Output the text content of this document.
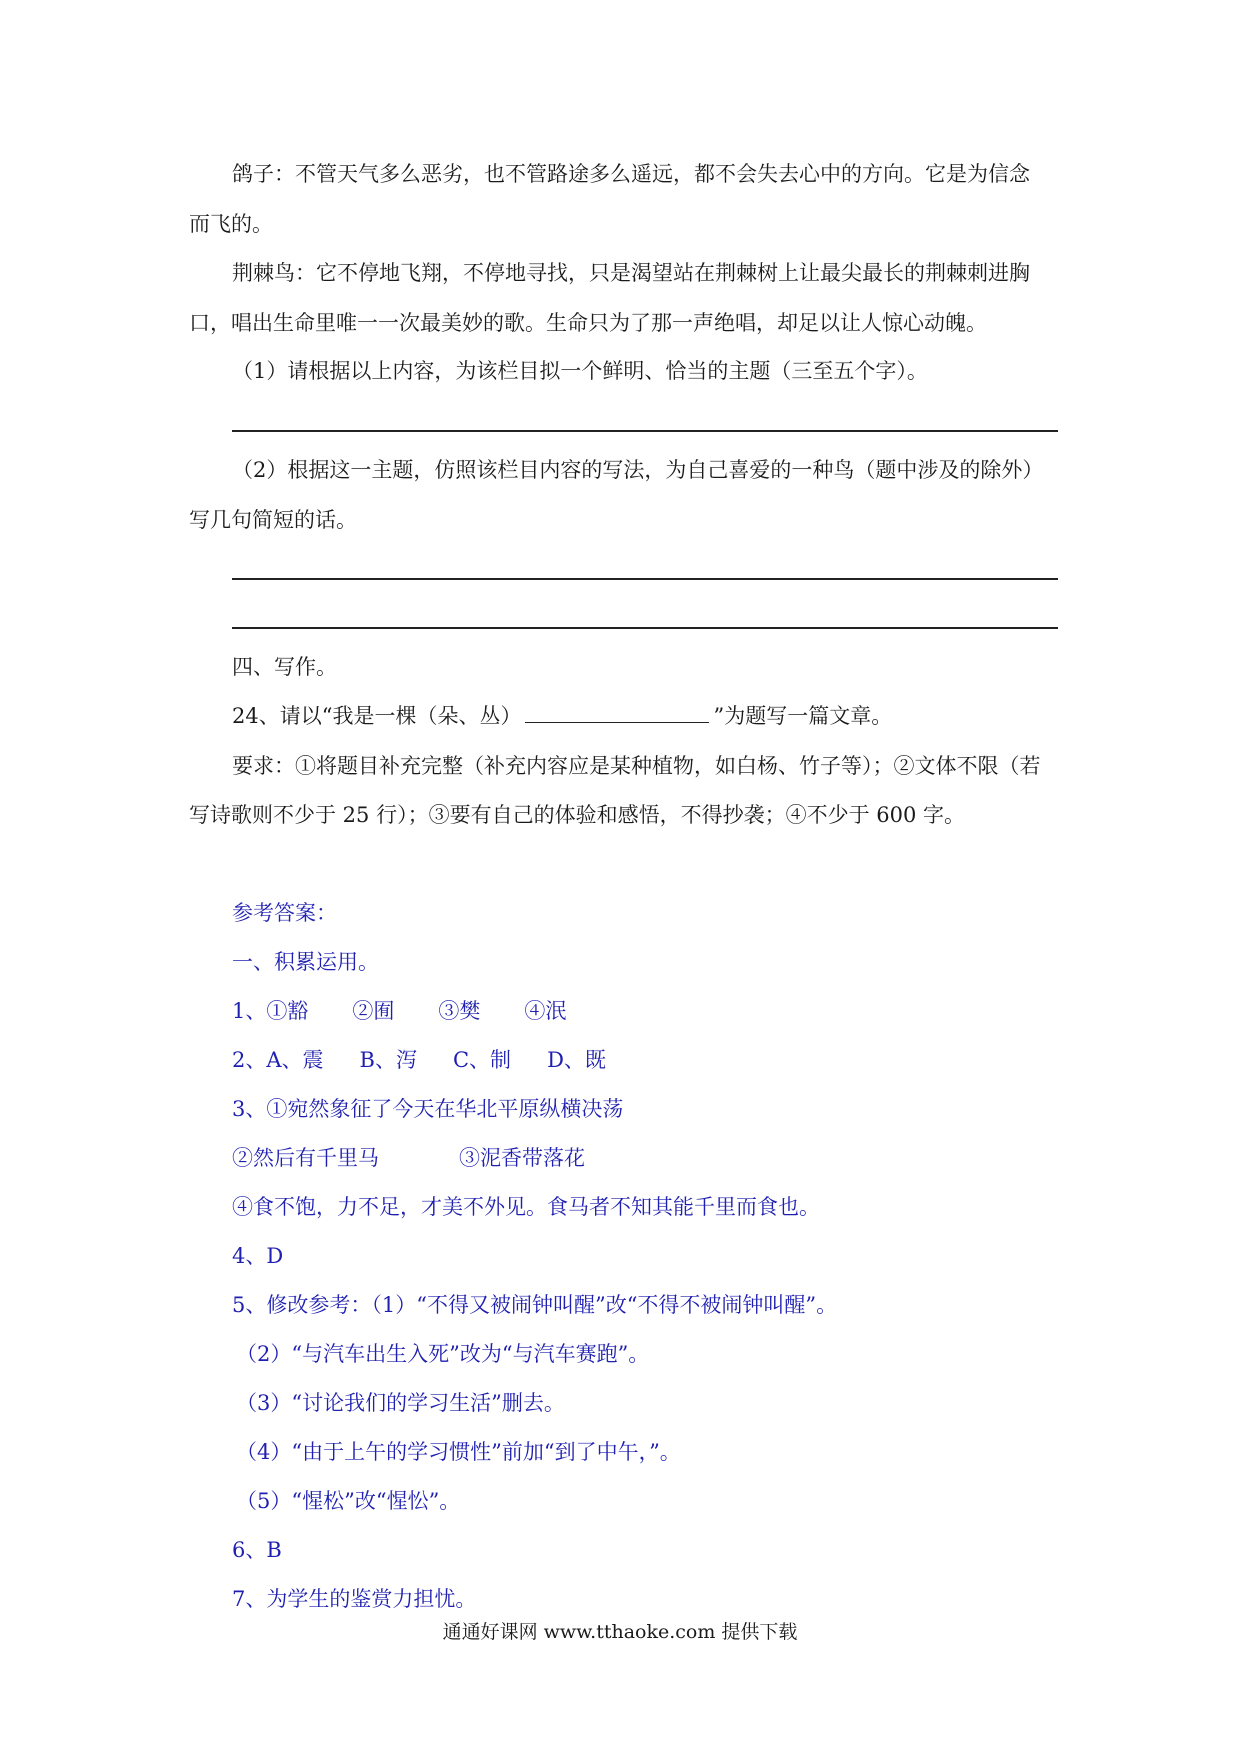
鸽子：不管天气多么恶劣，也不管路途多么遥远，都不会失去心中的方向。它是为信念
而飞的。
荆棘鸟：它不停地飞翔，不停地寻找，只是渴望站在荆棘树上让最尖最长的荆棘刺进胸
口，唱出生命里唯一一次最美妙的歌。生命只为了那一声绝唱，却足以让人惊心动魄。
（1）请根据以上内容，为该栏目拟一个鲜明、恰当的主题（三至五个字）。
（2）根据这一主题，仿照该栏目内容的写法，为自己喜爱的一种鸟（题中涉及的除外）
写几句简短的话。
四、写作。
24、请以“我是一棵（朵、丛）	”为题写一篇文章。
要求：①将题目补充完整（补充内容应是某种植物，如白杨、竹子等）；②文体不限（若
写诗歌则不少于 25 行）；③要有自己的体验和感悟，不得抄袭；④不少于 600 字。
参考答案：
一、积累运用。
1、①豁 ②囿 ③樊 ④泯
2、A、震 B、泻 C、制 D、既
3、①宛然象征了今天在华北平原纵横决荡
②然后有千里马	③泥香带落花
④食不饱，力不足，才美不外见。食马者不知其能千里而食也。
4、D
5、修改参考：（1）“不得又被闹钟叫醒”改“不得不被闹钟叫醒”。
（2）“与汽车出生入死”改为“与汽车赛跑”。
（3）“讨论我们的学习生活”删去。
（4）“由于上午的学习惯性”前加“到了中午，”。
（5）“惺松”改“惺忪”。
6、B
7、为学生的鉴赏力担忧。
通通好课网 www.tthaoke.com 提供下载
